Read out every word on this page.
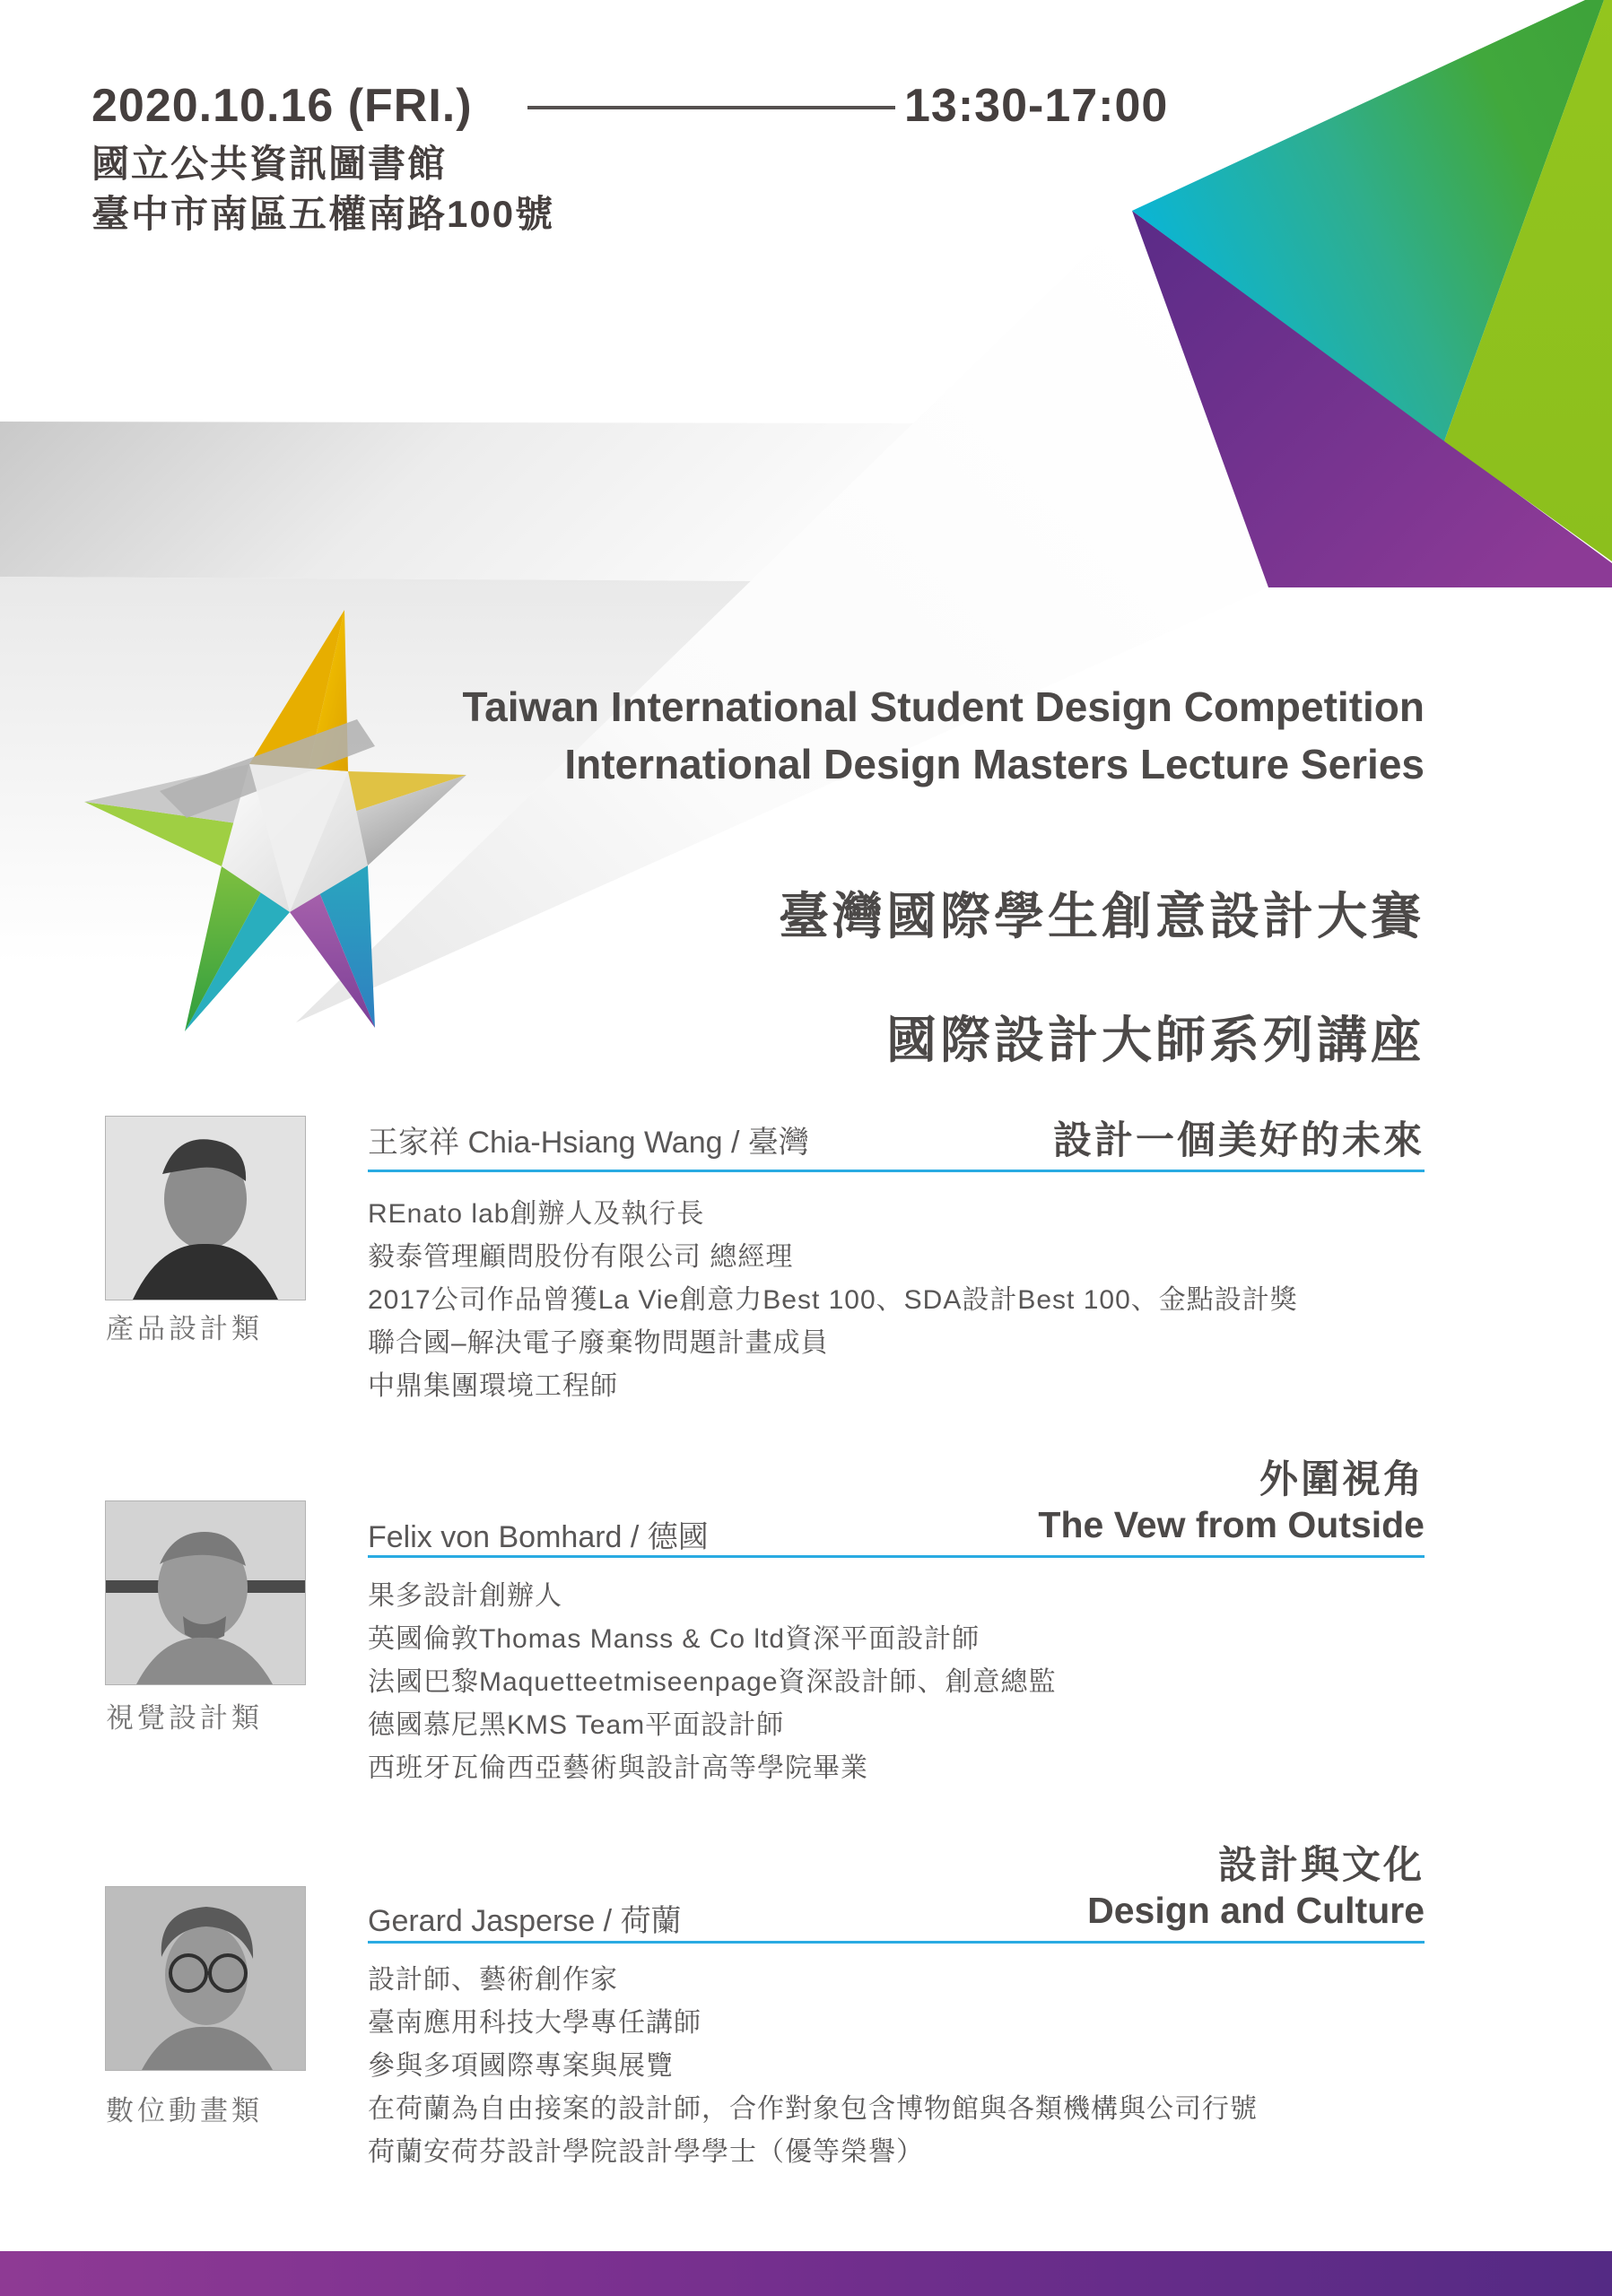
2020.10.16 (FRI.)	13:30-17:00
國立公共資訊圖書館
臺中市南區五權南路100號
Taiwan International Student Design Competition
International Design Masters Lecture Series
臺灣國際學生創意設計大賽
國際設計大師系列講座
產品設計類
王家祥 Chia-Hsiang Wang / 臺灣	設計一個美好的未來
REnato lab創辦人及執行長
毅泰管理顧問股份有限公司 總經理
2017公司作品曾獲La Vie創意力Best 100、SDA設計Best 100、金點設計獎
聯合國–解決電子廢棄物問題計畫成員
中鼎集團環境工程師
視覺設計類
Felix von Bomhard / 德國
外圍視角
The Vew from Outside
果多設計創辦人
英國倫敦Thomas Manss & Co ltd資深平面設計師
法國巴黎Maquetteetmiseenpage資深設計師、創意總監
德國慕尼黑KMS Team平面設計師
西班牙瓦倫西亞藝術與設計高等學院畢業
數位動畫類
Gerard Jasperse / 荷蘭
設計與文化
Design and Culture
設計師、藝術創作家
臺南應用科技大學專任講師
參與多項國際專案與展覽
在荷蘭為自由接案的設計師，合作對象包含博物館與各類機構與公司行號
荷蘭安荷芬設計學院設計學學士（優等榮譽）
